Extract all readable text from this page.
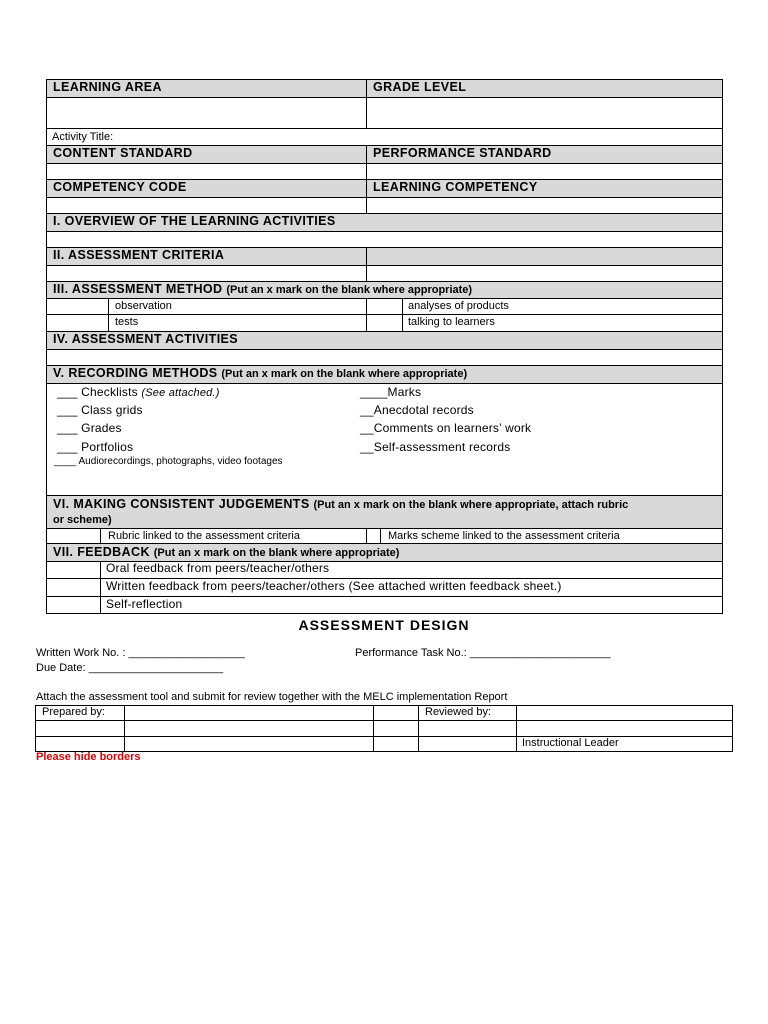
LEARNING AREA	GRADE LEVEL
Activity Title:
CONTENT STANDARD	PERFORMANCE STANDARD
COMPETENCY CODE	LEARNING COMPETENCY
I. OVERVIEW OF THE LEARNING ACTIVITIES
II. ASSESSMENT CRITERIA
III. ASSESSMENT METHOD (Put an x mark on the blank where appropriate)
observation	analyses of products
tests	talking to learners
IV. ASSESSMENT ACTIVITIES
V. RECORDING METHODS (Put an x mark on the blank where appropriate)
___ Checklists (See attached.)
___ Class grids
___ Grades
___ Portfolios
____ Audiorecordings, photographs, video footages
____Marks
__Anecdotal records
__Comments on learners’ work
__Self-assessment records
VI. MAKING CONSISTENT JUDGEMENTS (Put an x mark on the blank where appropriate, attach rubric
or scheme)
Rubric linked to the assessment criteria	Marks scheme linked to the assessment criteria
VII. FEEDBACK (Put an x mark on the blank where appropriate)
Oral feedback from peers/teacher/others
Written feedback from peers/teacher/others (See attached written feedback sheet.)
Self-reflection
ASSESSMENT DESIGN
Written Work No. : ___________________	Performance Task No.: _______________________
Due Date: ______________________
Attach the assessment tool and submit for review together with the MELC implementation Report
Prepared by:	Reviewed by:
Instructional Leader
Please hide borders
